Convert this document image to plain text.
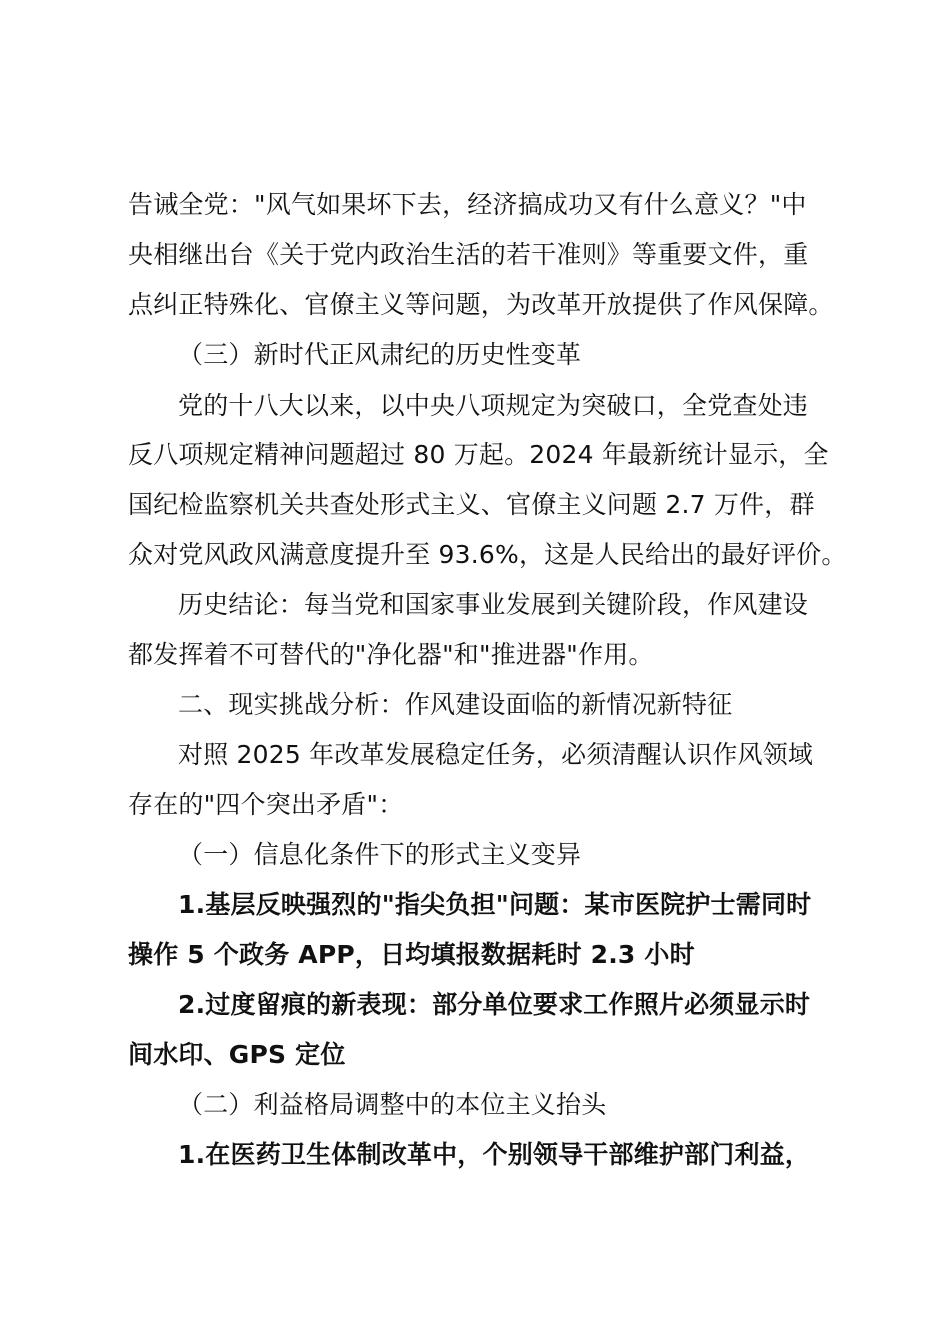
告诫全党："风气如果坏下去，经济搞成功又有什么意义？"中
央相继出台《关于党内政治生活的若干准则》等重要文件，重
点纠正特殊化、官僚主义等问题，为改革开放提供了作风保障。
（三）新时代正风肃纪的历史性变革
党的十八大以来，以中央八项规定为突破口，全党查处违
反八项规定精神问题超过 80 万起。2024 年最新统计显示，全
国纪检监察机关共查处形式主义、官僚主义问题 2.7 万件，群
众对党风政风满意度提升至 93.6%，这是人民给出的最好评价。
历史结论：每当党和国家事业发展到关键阶段，作风建设
都发挥着不可替代的"净化器"和"推进器"作用。
二、现实挑战分析：作风建设面临的新情况新特征
对照 2025 年改革发展稳定任务，必须清醒认识作风领域
存在的"四个突出矛盾"：
（一）信息化条件下的形式主义变异
1.基层反映强烈的"指尖负担"问题：某市医院护士需同时
操作 5 个政务 APP，日均填报数据耗时 2.3 小时
2.过度留痕的新表现：部分单位要求工作照片必须显示时
间水印、GPS 定位
（二）利益格局调整中的本位主义抬头
1.在医药卫生体制改革中，个别领导干部维护部门利益，
